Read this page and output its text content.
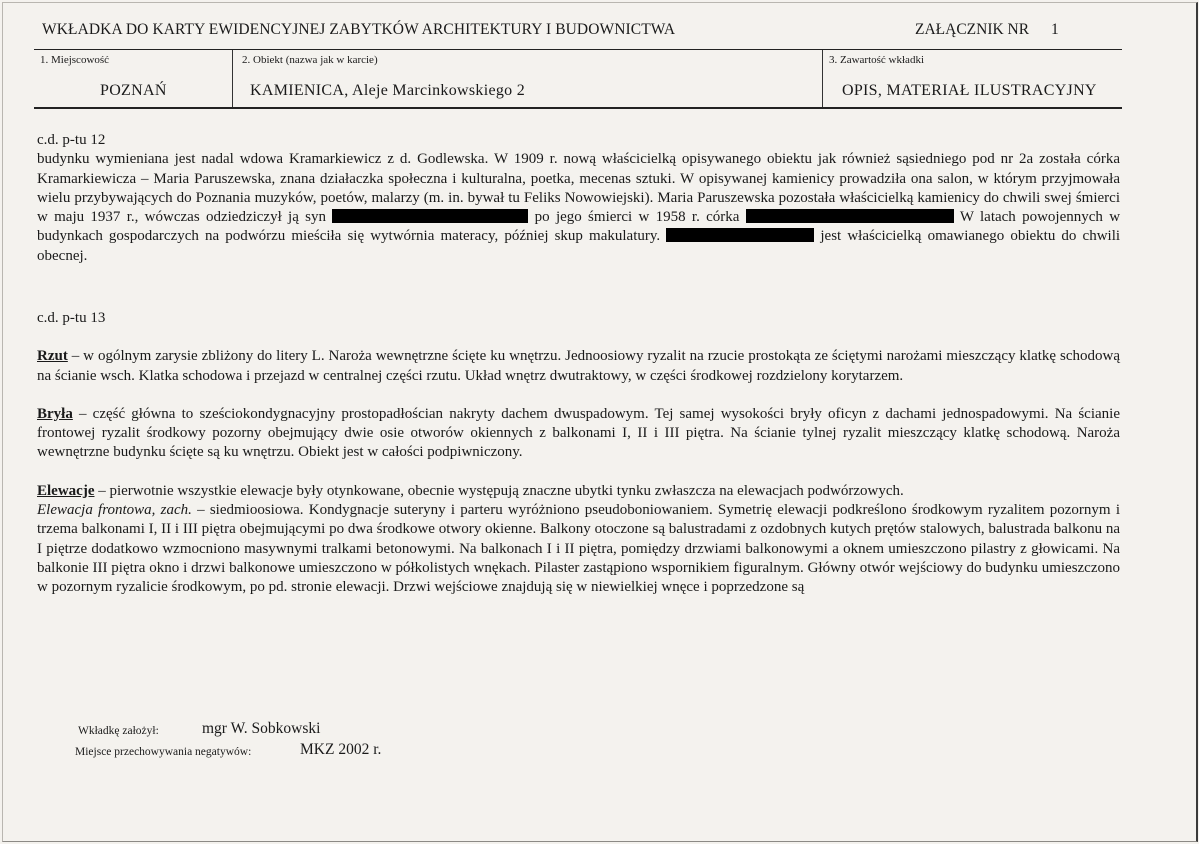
WKŁADKA DO KARTY EWIDENCYJNEJ ZABYTKÓW ARCHITEKTURY I BUDOWNICTWA	ZAŁĄCZNIK NR 1
1. Miejscowość	2. Obiekt (nazwa jak w karcie)	3. Zawartość wkładki
POZNAŃ	KAMIENICA, Aleje Marcinkowskiego 2	OPIS, MATERIAŁ ILUSTRACYJNY

c.d. p-tu 12

budynku wymieniana jest nadal wdowa Kramarkiewicz z d. Godlewska. W 1909 r. nową właścicielką opisywanego obiektu jak również sąsiedniego pod nr 2a została córka Kramarkiewicza – Maria Paruszewska, znana działaczka społeczna i kulturalna, poetka, mecenas sztuki. W opisywanej kamienicy prowadziła ona salon, w którym przyjmowała wielu przybywających do Poznania muzyków, poetów, malarzy (m. in. bywał tu Feliks Nowowiejski). Maria Paruszewska pozostała właścicielką kamienicy do chwili swej śmierci w maju 1937 r., wówczas odziedziczył ją syn	po jego śmierci w 1958 r. córka	W latach powojennych w budynkach gospodarczych na podwórzu mieściła się wytwórnia materacy, później skup makulatury.	jest właścicielką omawianego obiektu do chwili obecnej.

c.d. p-tu 13

Rzut – w ogólnym zarysie zbliżony do litery L. Naroża wewnętrzne ścięte ku wnętrzu. Jednoosiowy ryzalit na rzucie prostokąta ze ściętymi narożami mieszczący klatkę schodową na ścianie wsch. Klatka schodowa i przejazd w centralnej części rzutu. Układ wnętrz dwutraktowy, w części środkowej rozdzielony korytarzem.

Bryła – część główna to sześciokondygnacyjny prostopadłościan nakryty dachem dwuspadowym. Tej samej wysokości bryły oficyn z dachami jednospadowymi. Na ścianie frontowej ryzalit środkowy pozorny obejmujący dwie osie otworów okiennych z balkonami I, II i III piętra. Na ścianie tylnej ryzalit mieszczący klatkę schodową. Naroża wewnętrzne budynku ścięte są ku wnętrzu. Obiekt jest w całości podpiwniczony.

Elewacje – pierwotnie wszystkie elewacje były otynkowane, obecnie występują znaczne ubytki tynku zwłaszcza na elewacjach podwórzowych.
Elewacja frontowa, zach. – siedmioosiowa. Kondygnacje suteryny i parteru wyróżniono pseudoboniowaniem. Symetrię elewacji podkreślono środkowym ryzalitem pozornym i trzema balkonami I, II i III piętra obejmującymi po dwa środkowe otwory okienne. Balkony otoczone są balustradami z ozdobnych kutych prętów stalowych, balustrada balkonu na I piętrze dodatkowo wzmocniono masywnymi tralkami betonowymi. Na balkonach I i II piętra, pomiędzy drzwiami balkonowymi a oknem umieszczono pilastry z głowicami. Na balkonie III piętra okno i drzwi balkonowe umieszczono w półkolistych wnękach. Pilaster zastąpiono wspornikiem figuralnym. Główny otwór wejściowy do budynku umieszczono w pozornym ryzalicie środkowym, po pd. stronie elewacji. Drzwi wejściowe znajdują się w niewielkiej wnęce i poprzedzone są

Wkładkę założył:	mgr W. Sobkowski
Miejsce przechowywania negatywów:	MKZ 2002 r.
